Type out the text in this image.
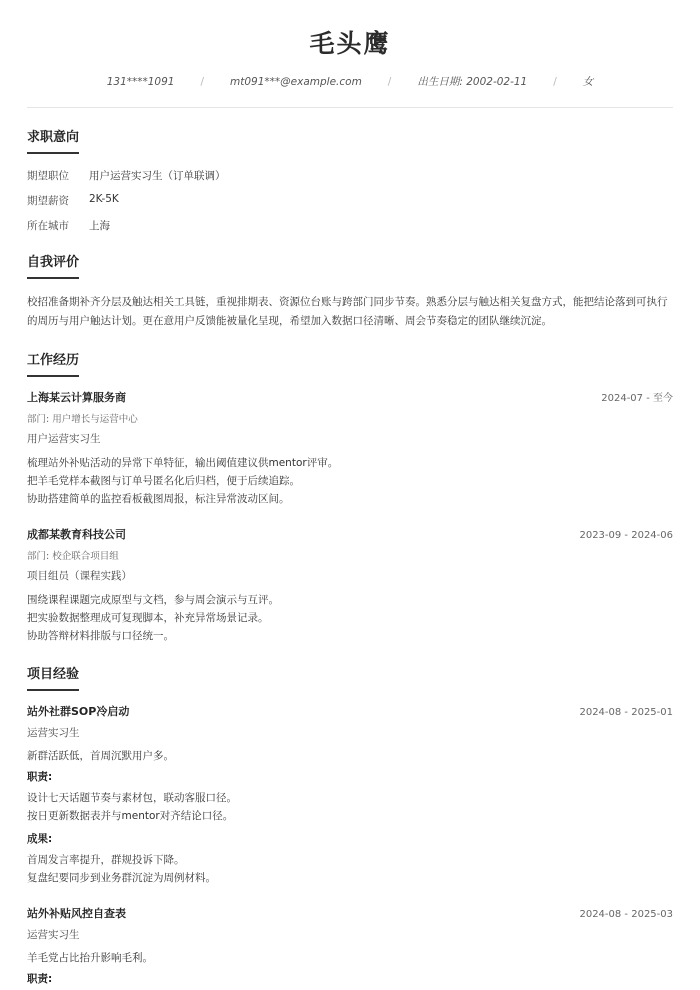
毛头鹰
131****1091 / mt091***@example.com / 出生日期: 2002-02-11 / 女
求职意向
期望职位	用户运营实习生（订单联调）
期望薪资	2K-5K
所在城市	上海
自我评价

校招准备期补齐分层及触达相关工具链，重视排期表、资源位台账与跨部门同步节奏。熟悉分层与触达相关复盘方式，能把结论落到可执行的周历与用户触达计划。更在意用户反馈能被量化呈现，希望加入数据口径清晰、周会节奏稳定的团队继续沉淀。

工作经历
上海某云计算服务商	2024-07 - 至今
部门: 用户增长与运营中心
用户运营实习生
梳理站外补贴活动的异常下单特征，输出阈值建议供mentor评审。
把羊毛党样本截图与订单号匿名化后归档，便于后续追踪。
协助搭建简单的监控看板截图周报，标注异常波动区间。
成都某教育科技公司	2023-09 - 2024-06
部门: 校企联合项目组
项目组员（课程实践）
围绕课程课题完成原型与文档，参与周会演示与互评。
把实验数据整理成可复现脚本，补充异常场景记录。
协助答辩材料排版与口径统一。
项目经验
站外社群SOP冷启动	2024-08 - 2025-01
运营实习生
新群活跃低，首周沉默用户多。
职责:
设计七天话题节奏与素材包，联动客服口径。
按日更新数据表并与mentor对齐结论口径。
成果:
首周发言率提升，群规投诉下降。
复盘纪要同步到业务群沉淀为周例材料。
站外补贴风控自查表	2024-08 - 2025-03
运营实习生
羊毛党占比抬升影响毛利。
职责:
